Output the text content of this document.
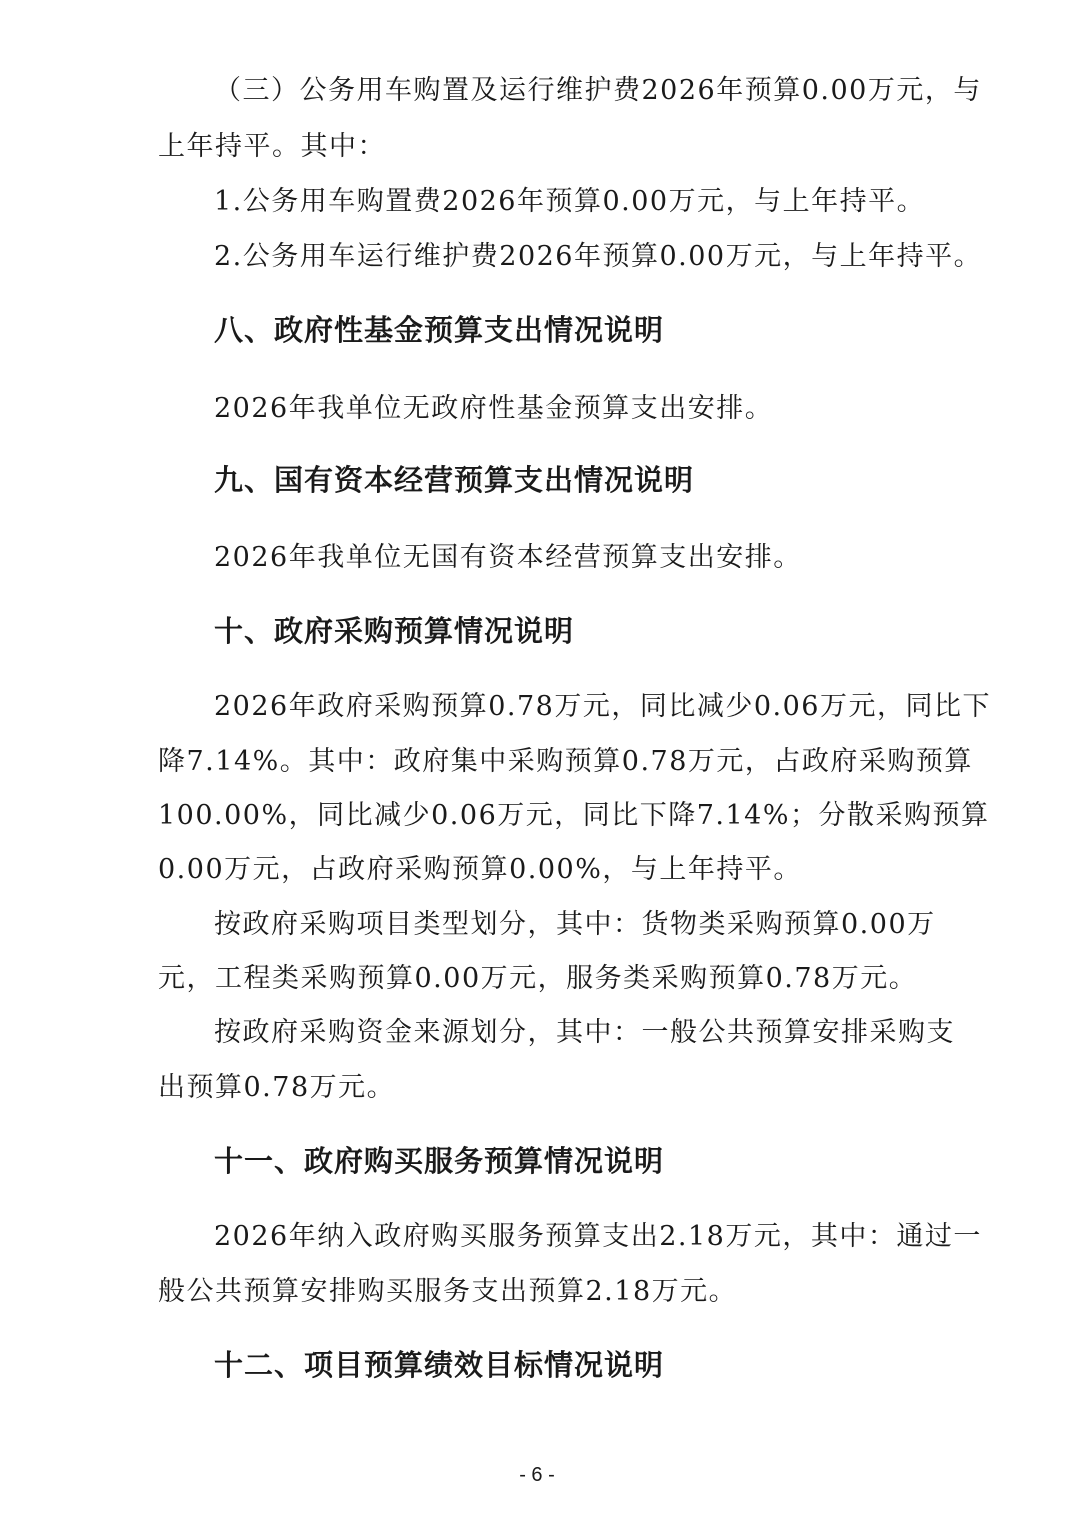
（三）公务用车购置及运行维护费2026年预算0.00万元，与
上年持平。其中：
1.公务用车购置费2026年预算0.00万元，与上年持平。
2.公务用车运行维护费2026年预算0.00万元，与上年持平。
八、政府性基金预算支出情况说明
2026年我单位无政府性基金预算支出安排。
九、国有资本经营预算支出情况说明
2026年我单位无国有资本经营预算支出安排。
十、政府采购预算情况说明
2026年政府采购预算0.78万元，同比减少0.06万元，同比下
降7.14%。其中：政府集中采购预算0.78万元，占政府采购预算
100.00%，同比减少0.06万元，同比下降7.14%；分散采购预算
0.00万元，占政府采购预算0.00%，与上年持平。
按政府采购项目类型划分，其中：货物类采购预算0.00万
元，工程类采购预算0.00万元，服务类采购预算0.78万元。
按政府采购资金来源划分，其中：一般公共预算安排采购支
出预算0.78万元。
十一、政府购买服务预算情况说明
2026年纳入政府购买服务预算支出2.18万元，其中：通过一
般公共预算安排购买服务支出预算2.18万元。
十二、项目预算绩效目标情况说明
- 6 -
